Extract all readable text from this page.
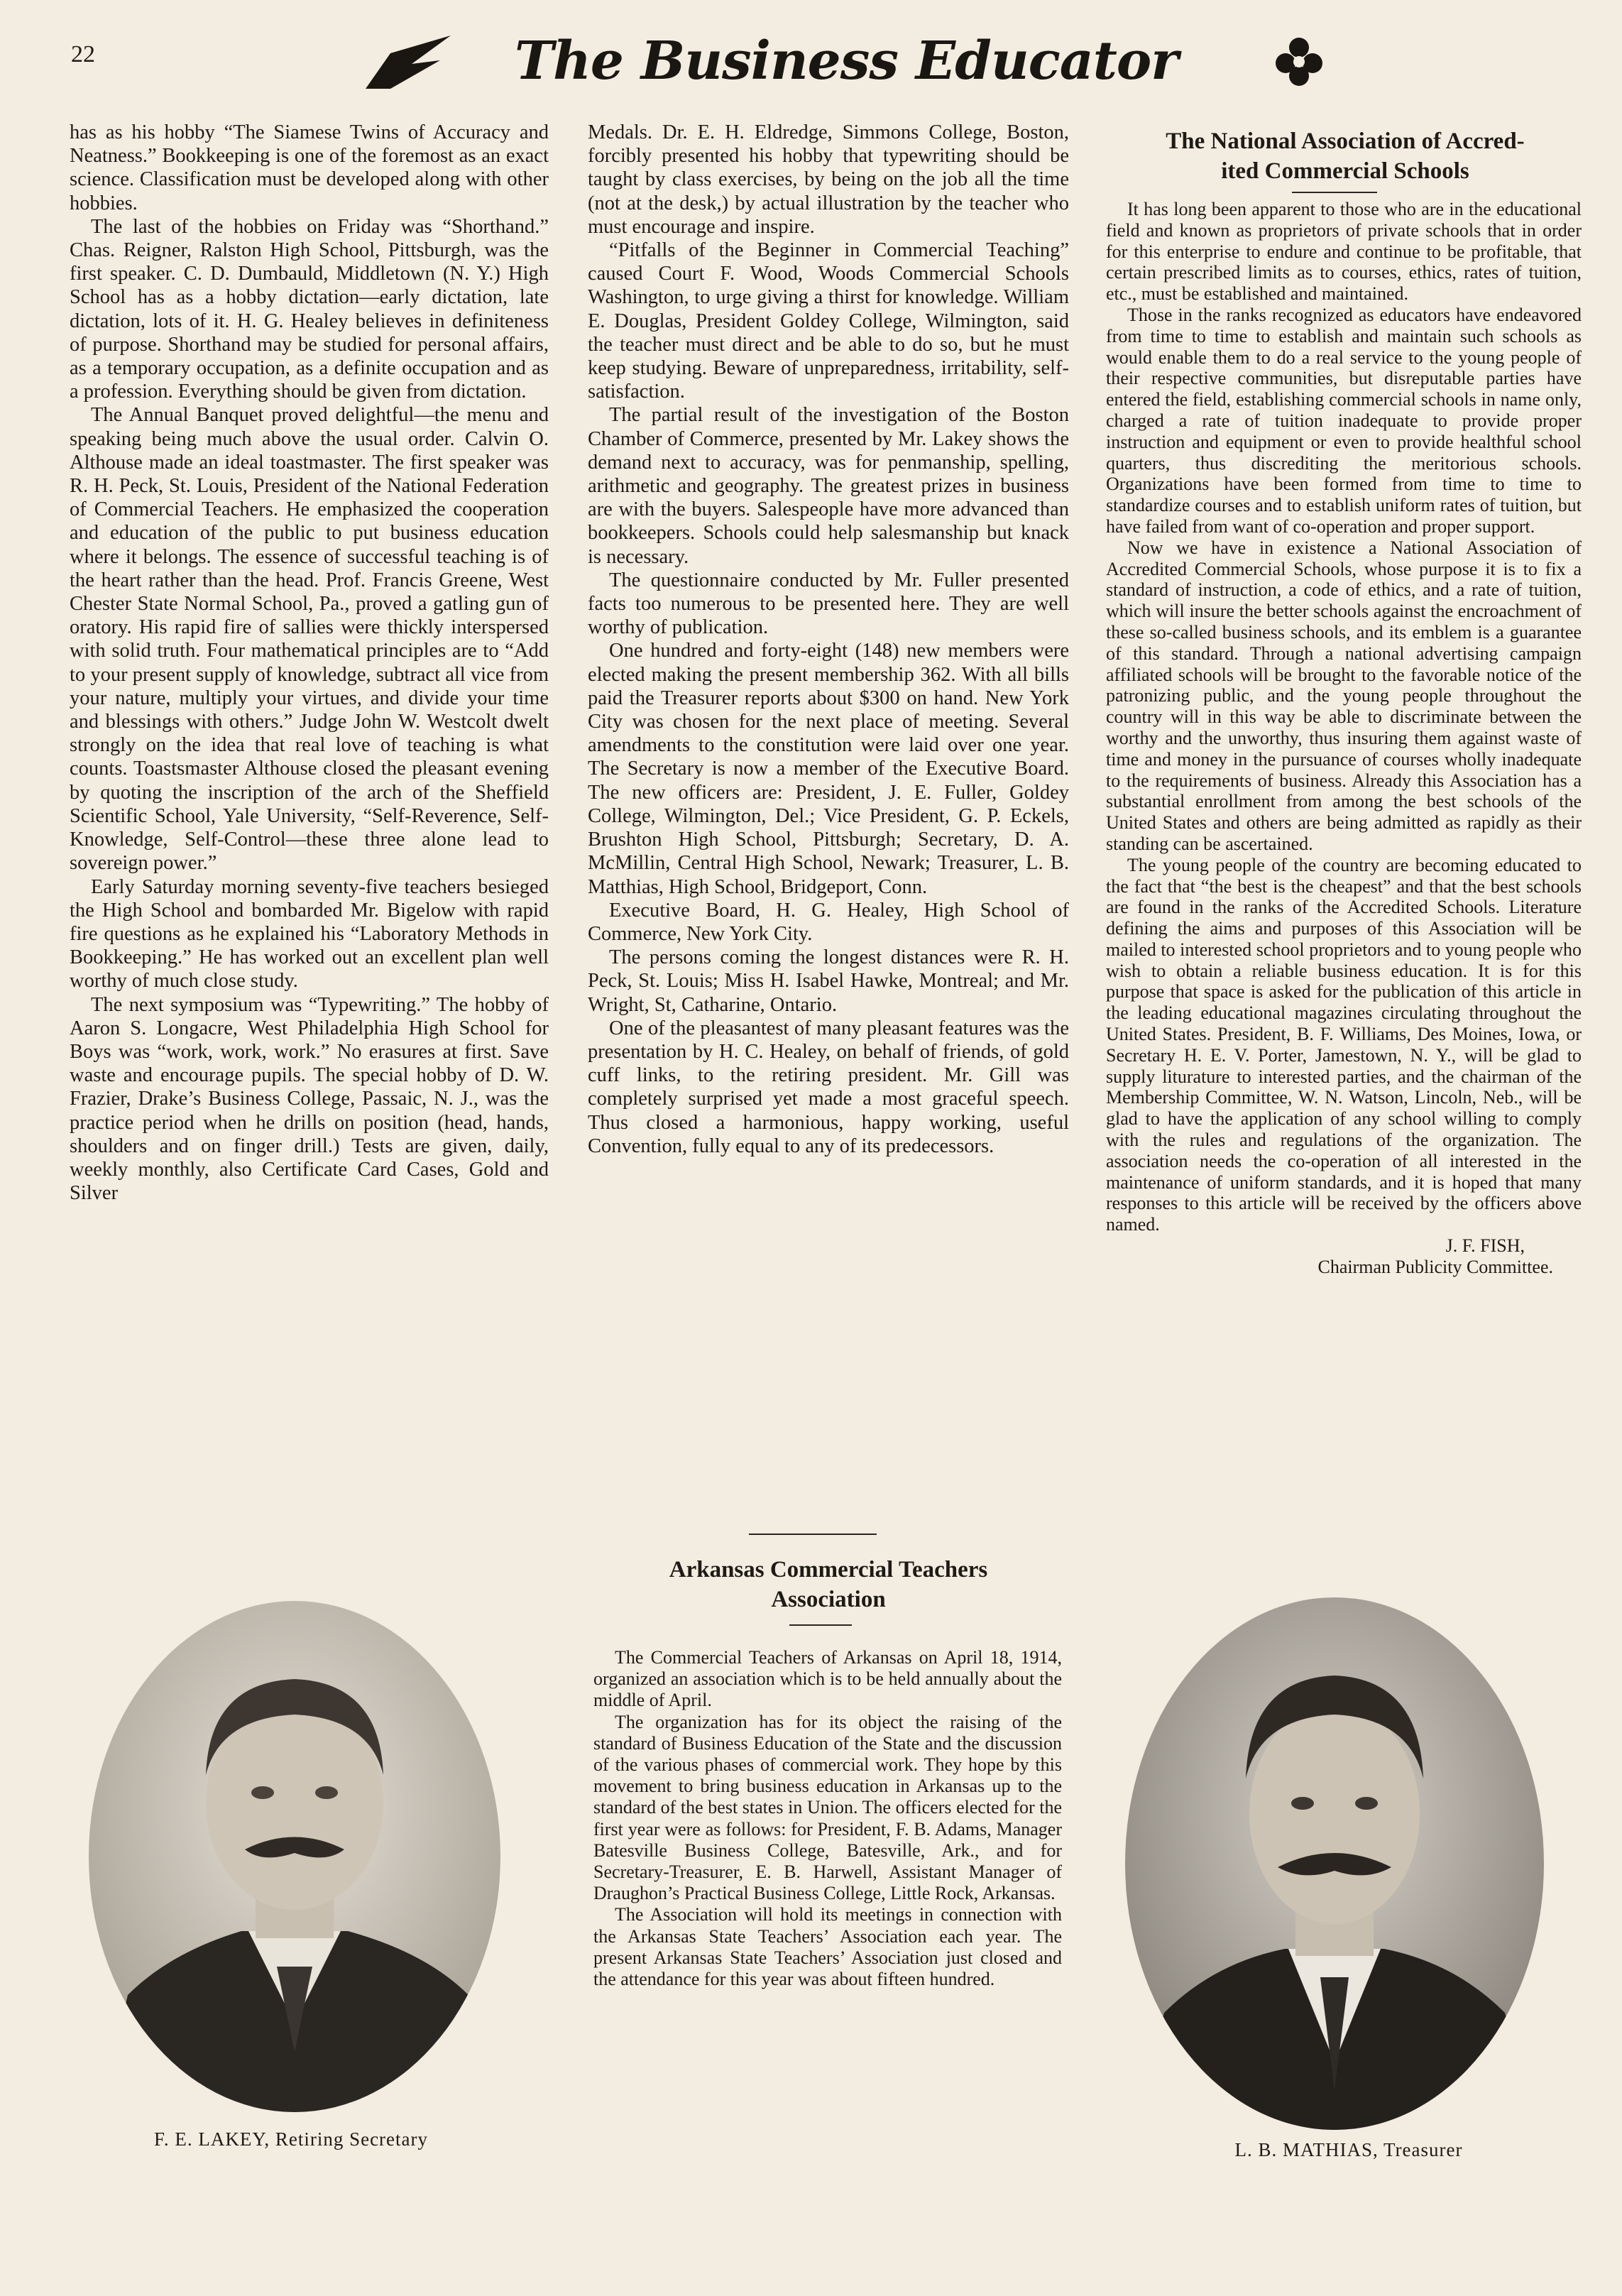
22	The Business Educator

has as his hobby “The Siamese Twins of Accuracy and Neatness.” Bookkeeping is one of the foremost as an exact science. Classification must be developed along with other hobbies.

The last of the hobbies on Friday was “Shorthand.” Chas. Reigner, Ralston High School, Pittsburgh, was the first speaker. C. D. Dumbauld, Middletown (N. Y.) High School has as a hobby dictation—early dictation, late dictation, lots of it. H. G. Healey believes in definiteness of purpose. Shorthand may be studied for personal affairs, as a temporary occupation, as a definite occupation and as a profession. Everything should be given from dictation.

The Annual Banquet proved delightful—the menu and speaking being much above the usual order. Calvin O. Althouse made an ideal toastmaster. The first speaker was R. H. Peck, St. Louis, President of the National Federation of Commercial Teachers. He emphasized the cooperation and education of the public to put business education where it belongs. The essence of successful teaching is of the heart rather than the head. Prof. Francis Greene, West Chester State Normal School, Pa., proved a gatling gun of oratory. His rapid fire of sallies were thickly interspersed with solid truth. Four mathematical principles are to “Add to your present supply of knowledge, subtract all vice from your nature, multiply your virtues, and divide your time and blessings with others.” Judge John W. Westcolt dwelt strongly on the idea that real love of teaching is what counts. Toastsmaster Althouse closed the pleasant evening by quoting the inscription of the arch of the Sheffield Scientific School, Yale University, “Self-Reverence, Self-Knowledge, Self-Control—these three alone lead to sovereign power.”

Early Saturday morning seventy-five teachers besieged the High School and bombarded Mr. Bigelow with rapid fire questions as he explained his “Laboratory Methods in Bookkeeping.” He has worked out an excellent plan well worthy of much close study.

The next symposium was “Typewriting.” The hobby of Aaron S. Longacre, West Philadelphia High School for Boys was “work, work, work.” No erasures at first. Save waste and encourage pupils. The special hobby of D. W. Frazier, Drake’s Business College, Passaic, N. J., was the practice period when he drills on position (head, hands, shoulders and on finger drill.) Tests are given, daily, weekly monthly, also Certificate Card Cases, Gold and Silver

Medals. Dr. E. H. Eldredge, Simmons College, Boston, forcibly presented his hobby that typewriting should be taught by class exercises, by being on the job all the time (not at the desk,) by actual illustration by the teacher who must encourage and inspire.

“Pitfalls of the Beginner in Commercial Teaching” caused Court F. Wood, Woods Commercial Schools Washington, to urge giving a thirst for knowledge. William E. Douglas, President Goldey College, Wilmington, said the teacher must direct and be able to do so, but he must keep studying. Beware of unpreparedness, irritability, self-satisfaction.

The partial result of the investigation of the Boston Chamber of Commerce, presented by Mr. Lakey shows the demand next to accuracy, was for penmanship, spelling, arithmetic and geography. The greatest prizes in business are with the buyers. Salespeople have more advanced than bookkeepers. Schools could help salesmanship but knack is necessary.

The questionnaire conducted by Mr. Fuller presented facts too numerous to be presented here. They are well worthy of publication.

One hundred and forty-eight (148) new members were elected making the present membership 362. With all bills paid the Treasurer reports about $300 on hand. New York City was chosen for the next place of meeting. Several amendments to the constitution were laid over one year. The Secretary is now a member of the Executive Board. The new officers are: President, J. E. Fuller, Goldey College, Wilmington, Del.; Vice President, G. P. Eckels, Brushton High School, Pittsburgh; Secretary, D. A. McMillin, Central High School, Newark; Treasurer, L. B. Matthias, High School, Bridgeport, Conn.

Executive Board, H. G. Healey, High School of Commerce, New York City.

The persons coming the longest distances were R. H. Peck, St. Louis; Miss H. Isabel Hawke, Montreal; and Mr. Wright, St, Catharine, Ontario.

One of the pleasantest of many pleasant features was the presentation by H. C. Healey, on behalf of friends, of gold cuff links, to the retiring president. Mr. Gill was completely surprised yet made a most graceful speech. Thus closed a harmonious, happy working, useful Convention, fully equal to any of its predecessors.

Arkansas Commercial Teachers
Association

The Commercial Teachers of Arkansas on April 18, 1914, organized an association which is to be held annually about the middle of April.

The organization has for its object the raising of the standard of Business Education of the State and the discussion of the various phases of commercial work. They hope by this movement to bring business education in Arkansas up to the standard of the best states in Union. The officers elected for the first year were as follows: for President, F. B. Adams, Manager Batesville Business College, Batesville, Ark., and for Secretary-Treasurer, E. B. Harwell, Assistant Manager of Draughon’s Practical Business College, Little Rock, Arkansas.

The Association will hold its meetings in connection with the Arkansas State Teachers’ Association each year. The present Arkansas State Teachers’ Association just closed and the attendance for this year was about fifteen hundred.

The National Association of Accred-
ited Commercial Schools

It has long been apparent to those who are in the educational field and known as proprietors of private schools that in order for this enterprise to endure and continue to be profitable, that certain prescribed limits as to courses, ethics, rates of tuition, etc., must be established and maintained.

Those in the ranks recognized as educators have endeavored from time to time to establish and maintain such schools as would enable them to do a real service to the young people of their respective communities, but disreputable parties have entered the field, establishing commercial schools in name only, charged a rate of tuition inadequate to provide proper instruction and equipment or even to provide healthful school quarters, thus discrediting the meritorious schools. Organizations have been formed from time to time to standardize courses and to establish uniform rates of tuition, but have failed from want of co-operation and proper support.

Now we have in existence a National Association of Accredited Commercial Schools, whose purpose it is to fix a standard of instruction, a code of ethics, and a rate of tuition, which will insure the better schools against the encroachment of these so-called business schools, and its emblem is a guarantee of this standard. Through a national advertising campaign affiliated schools will be brought to the favorable notice of the patronizing public, and the young people throughout the country will in this way be able to discriminate between the worthy and the unworthy, thus insuring them against waste of time and money in the pursuance of courses wholly inadequate to the requirements of business. Already this Association has a substantial enrollment from among the best schools of the United States and others are being admitted as rapidly as their standing can be ascertained.

The young people of the country are becoming educated to the fact that “the best is the cheapest” and that the best schools are found in the ranks of the Accredited Schools. Literature defining the aims and purposes of this Association will be mailed to interested school proprietors and to young people who wish to obtain a reliable business education. It is for this purpose that space is asked for the publication of this article in the leading educational magazines circulating throughout the United States. President, B. F. Williams, Des Moines, Iowa, or Secretary H. E. V. Porter, Jamestown, N. Y., will be glad to supply liturature to interested parties, and the chairman of the Membership Committee, W. N. Watson, Lincoln, Neb., will be glad to have the application of any school willing to comply with the rules and regulations of the organization. The association needs the co-operation of all interested in the maintenance of uniform standards, and it is hoped that many responses to this article will be received by the officers above named.

J. F. FISH,

Chairman Publicity Committee.

F. E. LAKEY, Retiring Secretary	L. B. MATHIAS, Treasurer
